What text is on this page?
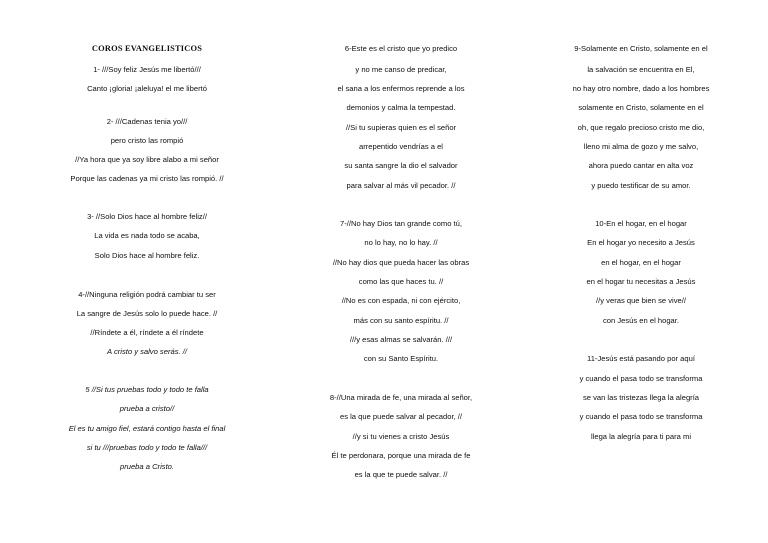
COROS EVANGELISTICOS
1- ///Soy feliz Jesús me libertó///
Canto ¡gloria! ¡aleluya! el me libertó
2- ///Cadenas tenia yo///
pero cristo las rompió
//Ya hora que ya soy libre alabo a mi señor
Porque las cadenas ya mi cristo las rompió. //
3- //Solo Dios hace al hombre feliz//
La vida es nada todo se acaba,
Solo Dios hace al hombre feliz.
4-//Ninguna religión podrá cambiar tu ser
La sangre de Jesús solo lo puede hace. //
//Ríndete a él, ríndete a él ríndete
A cristo y salvo serás. //
5 //Si tus pruebas todo y todo te falla
prueba a cristo//
El es tu amigo fiel, estará contigo hasta el final
si tu ///pruebas todo y todo te falla///
prueba a Cristo.
6-Este es el cristo que yo predico
y no me canso de predicar,
el sana a los enfermos reprende a los
demonios y calma la tempestad.
//Si tu supieras quien es el señor
arrepentido vendrías a el
su santa sangre la dio el salvador
para salvar al más vil pecador. //
7-//No hay Dios tan grande como tú,
no lo hay, no lo hay. //
//No hay dios que pueda hacer las obras
como las que haces tu. //
//No es con espada, ni con ejército,
más con su santo espíritu. //
///y esas almas se salvarán. ///
con su Santo Espíritu.
8-//Una mirada de fe, una mirada al señor,
es la que puede salvar al pecador, //
//y si tu vienes a cristo Jesús
Él te perdonara, porque una mirada de fe
es la que te puede salvar. //
9-Solamente en Cristo, solamente en el
la salvación se encuentra en El,
no hay otro nombre, dado a los hombres
solamente en Cristo, solamente en el
oh, que regalo precioso cristo me dio,
lleno mi alma de gozo y me salvo,
ahora puedo cantar en alta voz
y puedo testificar de su amor.
10-En el hogar, en el hogar
En el hogar yo necesito a Jesús
en el hogar, en el hogar
en el hogar tu necesitas a Jesús
//y veras que bien se vive//
con Jesús en el hogar.
11-Jesús está pasando por aquí
y cuando el pasa todo se transforma
se van las tristezas llega la alegría
y cuando el pasa todo se transforma
llega la alegría para ti para mi
